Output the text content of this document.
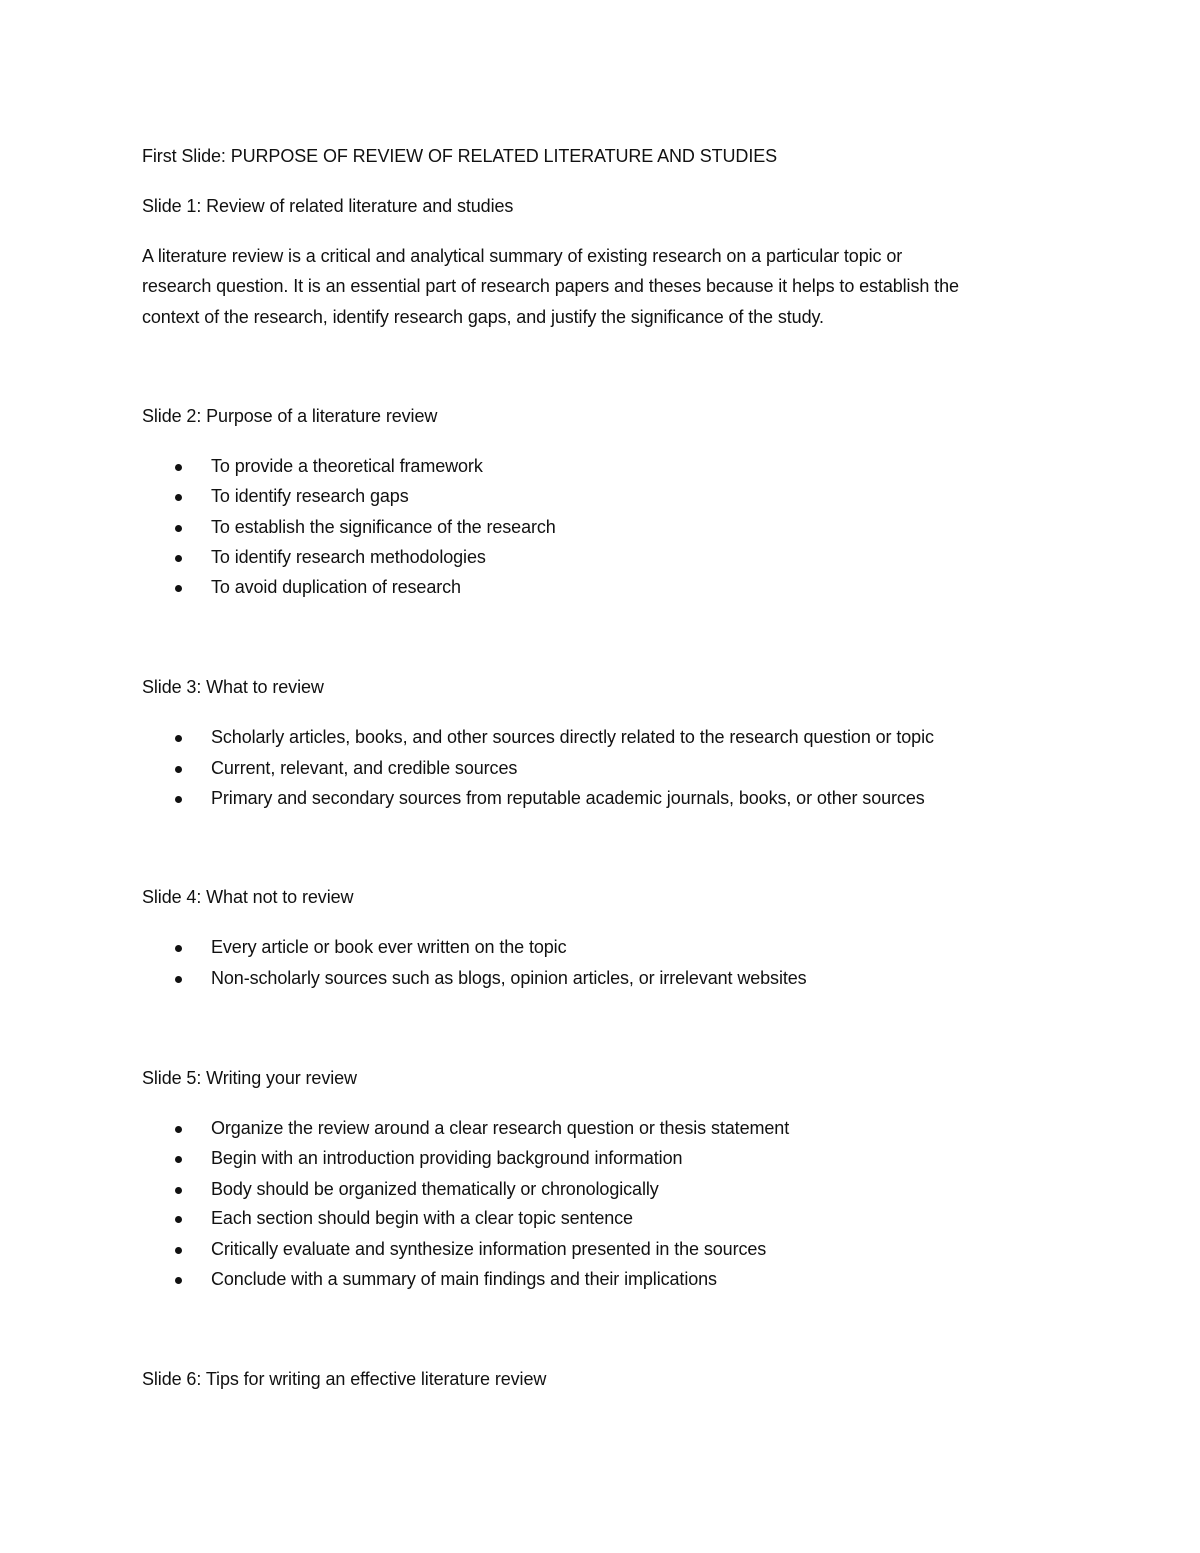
First Slide: PURPOSE OF REVIEW OF RELATED LITERATURE AND STUDIES
Slide 1: Review of related literature and studies
A literature review is a critical and analytical summary of existing research on a particular topic or
research question. It is an essential part of research papers and theses because it helps to establish the
context of the research, identify research gaps, and justify the significance of the study.
Slide 2: Purpose of a literature review
To provide a theoretical framework
To identify research gaps
To establish the significance of the research
To identify research methodologies
To avoid duplication of research
Slide 3: What to review
Scholarly articles, books, and other sources directly related to the research question or topic
Current, relevant, and credible sources
Primary and secondary sources from reputable academic journals, books, or other sources
Slide 4: What not to review
Every article or book ever written on the topic
Non-scholarly sources such as blogs, opinion articles, or irrelevant websites
Slide 5: Writing your review
Organize the review around a clear research question or thesis statement
Begin with an introduction providing background information
Body should be organized thematically or chronologically
Each section should begin with a clear topic sentence
Critically evaluate and synthesize information presented in the sources
Conclude with a summary of main findings and their implications
Slide 6: Tips for writing an effective literature review
